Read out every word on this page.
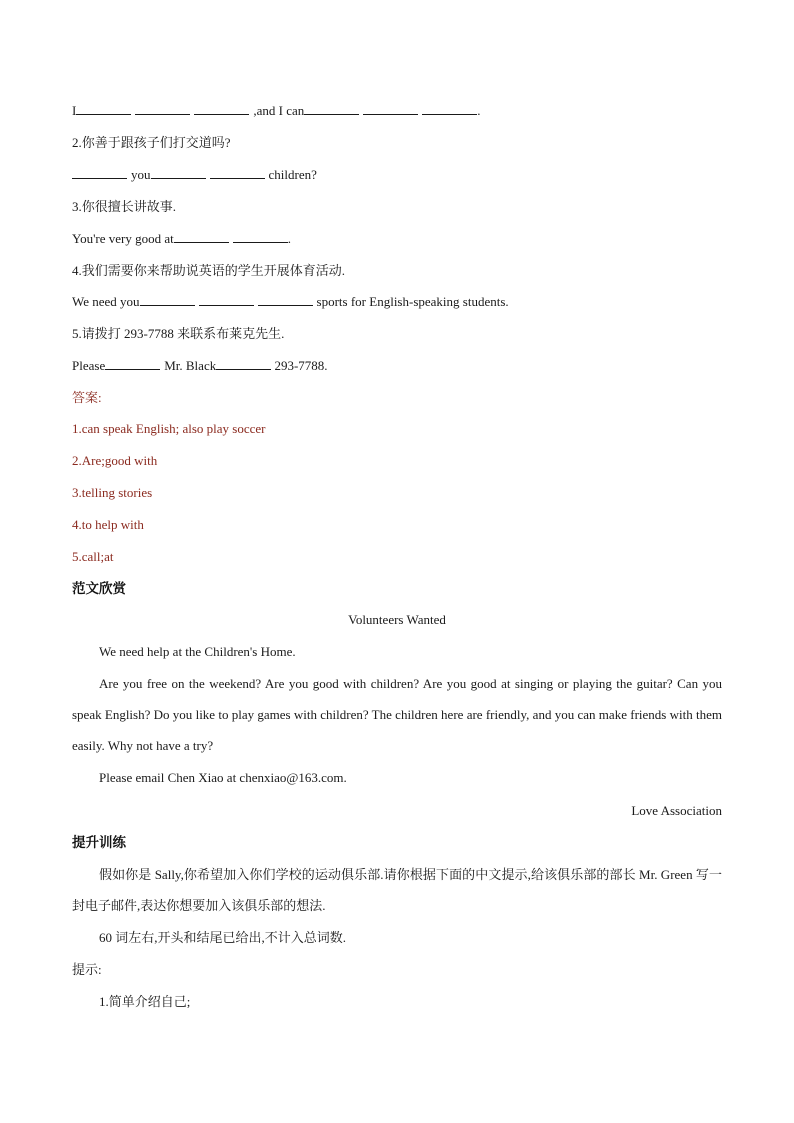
I	,and I can	.
2.你善于跟孩子们打交道吗?
you	children?
3.你很擅长讲故事.
You're very good at	.
4.我们需要你来帮助说英语的学生开展体育活动.
We need you	sports for English-speaking students.
5.请拨打 293-7788 来联系布莱克先生.
Please	Mr. Black	293-7788.
答案:
1.can speak English; also play soccer
2.Are;good with
3.telling stories
4.to help with
5.call;at
范文欣赏
Volunteers Wanted
We need help at the Children's Home.
Are you free on the weekend? Are you good with children? Are you good at singing or playing the guitar? Can you speak English? Do you like to play games with children? The children here are friendly, and you can make friends with them easily. Why not have a try?
Please email Chen Xiao at chenxiao@163.com.
Love Association
提升训练
假如你是 Sally,你希望加入你们学校的运动俱乐部.请你根据下面的中文提示,给该俱乐部的部长 Mr. Green 写一封电子邮件,表达你想要加入该俱乐部的想法.
60 词左右,开头和结尾已给出,不计入总词数.
提示:
1.简单介绍自己;
